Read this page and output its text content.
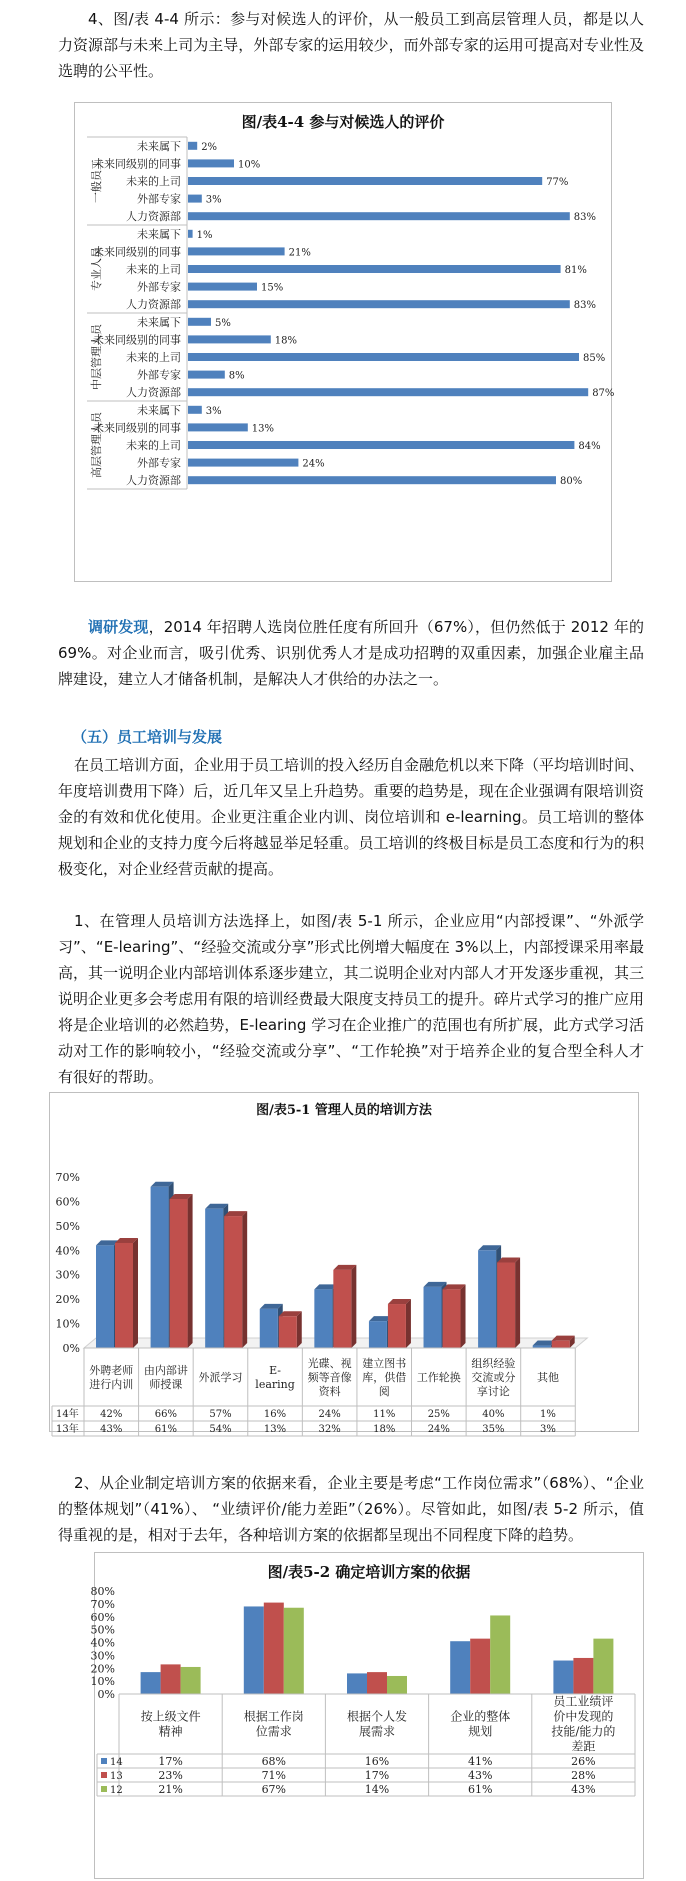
4、图/表 4-4 所示：参与对候选人的评价，从一般员工到高层管理人员，都是以人力资源部与未来上司为主导，外部专家的运用较少，而外部专家的运用可提高对专业性及选聘的公平性。
图/表4-4 参与对候选人的评价
一般员工
未来属下 2%
未来同级别的同事	10%
未来的上司	77%
外部专家 3%
人力资源部	83%
专业人员
未来属下 1%
未来同级别的同事	21%
未来的上司	81%
外部专家	15%
人力资源部	83%
中层管理人员
未来属下	5%
未来同级别的同事	18%
未来的上司	85%
外部专家	8%
人力资源部	87%
高层管理人员
未来属下 3%
未来同级别的同事	13%
未来的上司	84%
外部专家	24%
人力资源部	80%
调研发现，2014 年招聘人选岗位胜任度有所回升（67%），但仍然低于 2012 年的 69%。对企业而言，吸引优秀、识别优秀人才是成功招聘的双重因素，加强企业雇主品牌建设，建立人才储备机制，是解决人才供给的办法之一。
（五）员工培训与发展
在员工培训方面，企业用于员工培训的投入经历自金融危机以来下降（平均培训时间、年度培训费用下降）后，近几年又呈上升趋势。重要的趋势是，现在企业强调有限培训资金的有效和优化使用。企业更注重企业内训、岗位培训和 e-learning。员工培训的整体规划和企业的支持力度今后将越显举足轻重。员工培训的终极目标是员工态度和行为的积极变化，对企业经营贡献的提高。
1、在管理人员培训方法选择上，如图/表 5-1 所示，企业应用“内部授课”、“外派学习”、“E-learing”、“经验交流或分享”形式比例增大幅度在 3%以上，内部授课采用率最高，其一说明企业内部培训体系逐步建立，其二说明企业对内部人才开发逐步重视，其三说明企业更多会考虑用有限的培训经费最大限度支持员工的提升。碎片式学习的推广应用将是企业培训的必然趋势，E-learing 学习在企业推广的范围也有所扩展，此方式学习活动对工作的影响较小，“经验交流或分享”、“工作轮换”对于培养企业的复合型全科人才有很好的帮助。
图/表5-1 管理人员的培训方法
0%
10%
20%
30%
40%
50%
60%
70%
外聘老师进行内训
由内部讲师授课
外派学习
E-learing
光碟、视频等音像资料
建立图书库，供借阅
工作轮换
组织经验交流或分享讨论
其他
14年 42%	66%	57%	16%	24%	11%	25%	40%	1%
13年 43%	61%	54%	13%	32%	18%	24%	35%	3%
2、从企业制定培训方案的依据来看，企业主要是考虑“工作岗位需求”（68%）、“企业的整体规划”（41%）、 “业绩评价/能力差距”（26%）。尽管如此，如图/表 5-2 所示，值得重视的是，相对于去年，各种培训方案的依据都呈现出不同程度下降的趋势。
图/表5-2 确定培训方案的依据
0%
10%
20%
30%
40%
50%
60%
70%
80%
按上级文件精神
根据工作岗位需求
根据个人发展需求
企业的整体规划
员工业绩评价中发现的技能/能力的差距
14	17%	68%	16%	41%	26%
13	23%	71%	17%	43%	28%
12	21%	67%	14%	61%	43%
